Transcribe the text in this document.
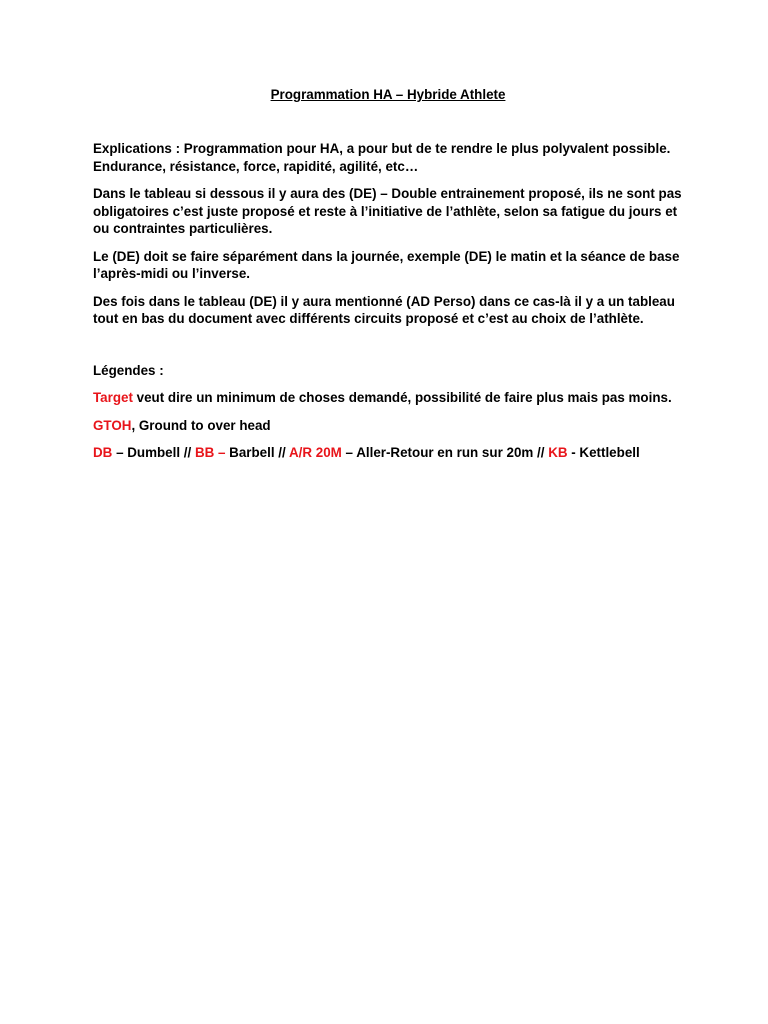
Programmation HA – Hybride Athlete

Explications : Programmation pour HA, a pour but de te rendre le plus polyvalent possible. Endurance, résistance, force, rapidité, agilité, etc…

Dans le tableau si dessous il y aura des (DE) – Double entrainement proposé, ils ne sont pas obligatoires c’est juste proposé et reste à l’initiative de l’athlète, selon sa fatigue du jours et ou contraintes particulières.

Le (DE) doit se faire séparément dans la journée, exemple (DE) le matin et la séance de base l’après-midi ou l’inverse.

Des fois dans le tableau (DE) il y aura mentionné (AD Perso) dans ce cas-là il y a un tableau tout en bas du document avec différents circuits proposé et c’est au choix de l’athlète.

Légendes :

Target veut dire un minimum de choses demandé, possibilité de faire plus mais pas moins.

GTOH, Ground to over head

DB – Dumbell // BB – Barbell // A/R 20M – Aller-Retour en run sur 20m // KB - Kettlebell
